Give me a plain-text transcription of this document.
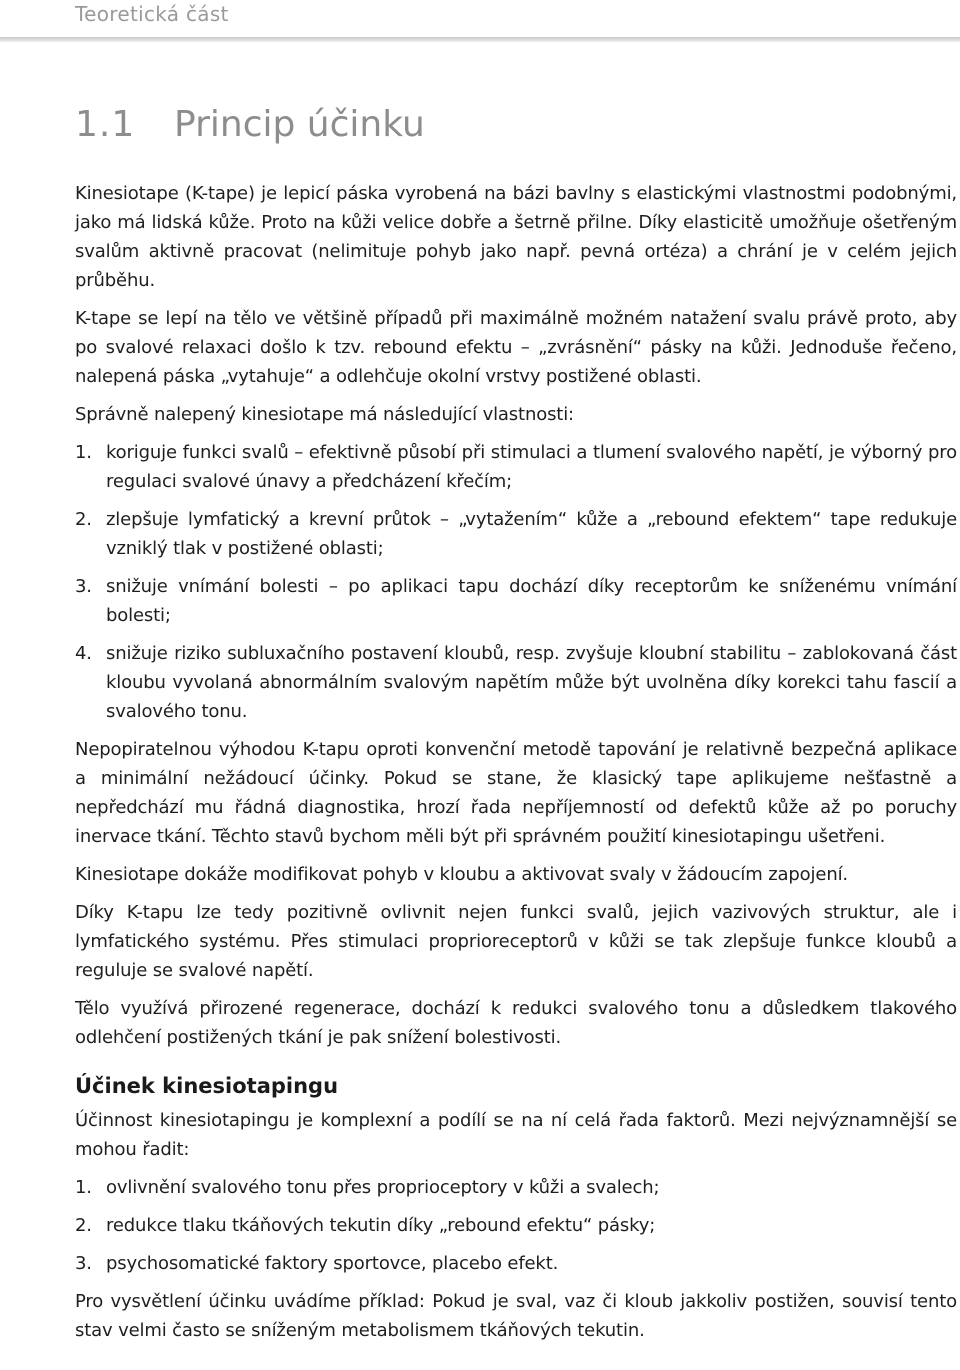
Teoretická část
1.1 Princip účinku

Kinesiotape (K-tape) je lepicí páska vyrobená na bázi bavlny s elastickými vlastnostmi podobnými, jako má lidská kůže. Proto na kůži velice dobře a šetrně přilne. Díky elasticitě umožňuje ošetřeným svalům aktivně pracovat (nelimituje pohyb jako např. pevná ortéza) a chrání je v celém jejich průběhu.

K-tape se lepí na tělo ve většině případů při maximálně možném natažení svalu právě proto, aby po svalové relaxaci došlo k tzv. rebound efektu – „zvrásnění“ pásky na kůži. Jednoduše řečeno, nalepená páska „vytahuje“ a odlehčuje okolní vrstvy postižené oblasti.

Správně nalepený kinesiotape má následující vlastnosti:

1. koriguje funkci svalů – efektivně působí při stimulaci a tlumení svalového napětí, je výborný pro regulaci svalové únavy a předcházení křečím;
2. zlepšuje lymfatický a krevní průtok – „vytažením“ kůže a „rebound efektem“ tape redukuje vzniklý tlak v postižené oblasti;
3. snižuje vnímání bolesti – po aplikaci tapu dochází díky receptorům ke sníženému vnímání bolesti;
4. snižuje riziko subluxačního postavení kloubů, resp. zvyšuje kloubní stabilitu – zablokovaná část kloubu vyvolaná abnormálním svalovým napětím může být uvolněna díky korekci tahu fascií a svalového tonu.

Nepopiratelnou výhodou K-tapu oproti konvenční metodě tapování je relativně bezpečná aplikace a minimální nežádoucí účinky. Pokud se stane, že klasický tape aplikujeme nešťastně a nepředchází mu řádná diagnostika, hrozí řada nepříjemností od defektů kůže až po poruchy inervace tkání. Těchto stavů bychom měli být při správném použití kinesiotapingu ušetřeni.

Kinesiotape dokáže modifikovat pohyb v kloubu a aktivovat svaly v žádoucím zapojení.

Díky K-tapu lze tedy pozitivně ovlivnit nejen funkci svalů, jejich vazivových struktur, ale i lymfatického systému. Přes stimulaci proprioreceptorů v kůži se tak zlepšuje funkce kloubů a reguluje se svalové napětí.

Tělo využívá přirozené regenerace, dochází k redukci svalového tonu a důsledkem tlakového odlehčení postižených tkání je pak snížení bolestivosti.

Účinek kinesiotapingu

Účinnost kinesiotapingu je komplexní a podílí se na ní celá řada faktorů. Mezi nejvýznamnější se mohou řadit:

1. ovlivnění svalového tonu přes proprioceptory v kůži a svalech;
2. redukce tlaku tkáňových tekutin díky „rebound efektu“ pásky;
3. psychosomatické faktory sportovce, placebo efekt.

Pro vysvětlení účinku uvádíme příklad: Pokud je sval, vaz či kloub jakkoliv postižen, souvisí tento stav velmi často se sníženým metabolismem tkáňových tekutin.
